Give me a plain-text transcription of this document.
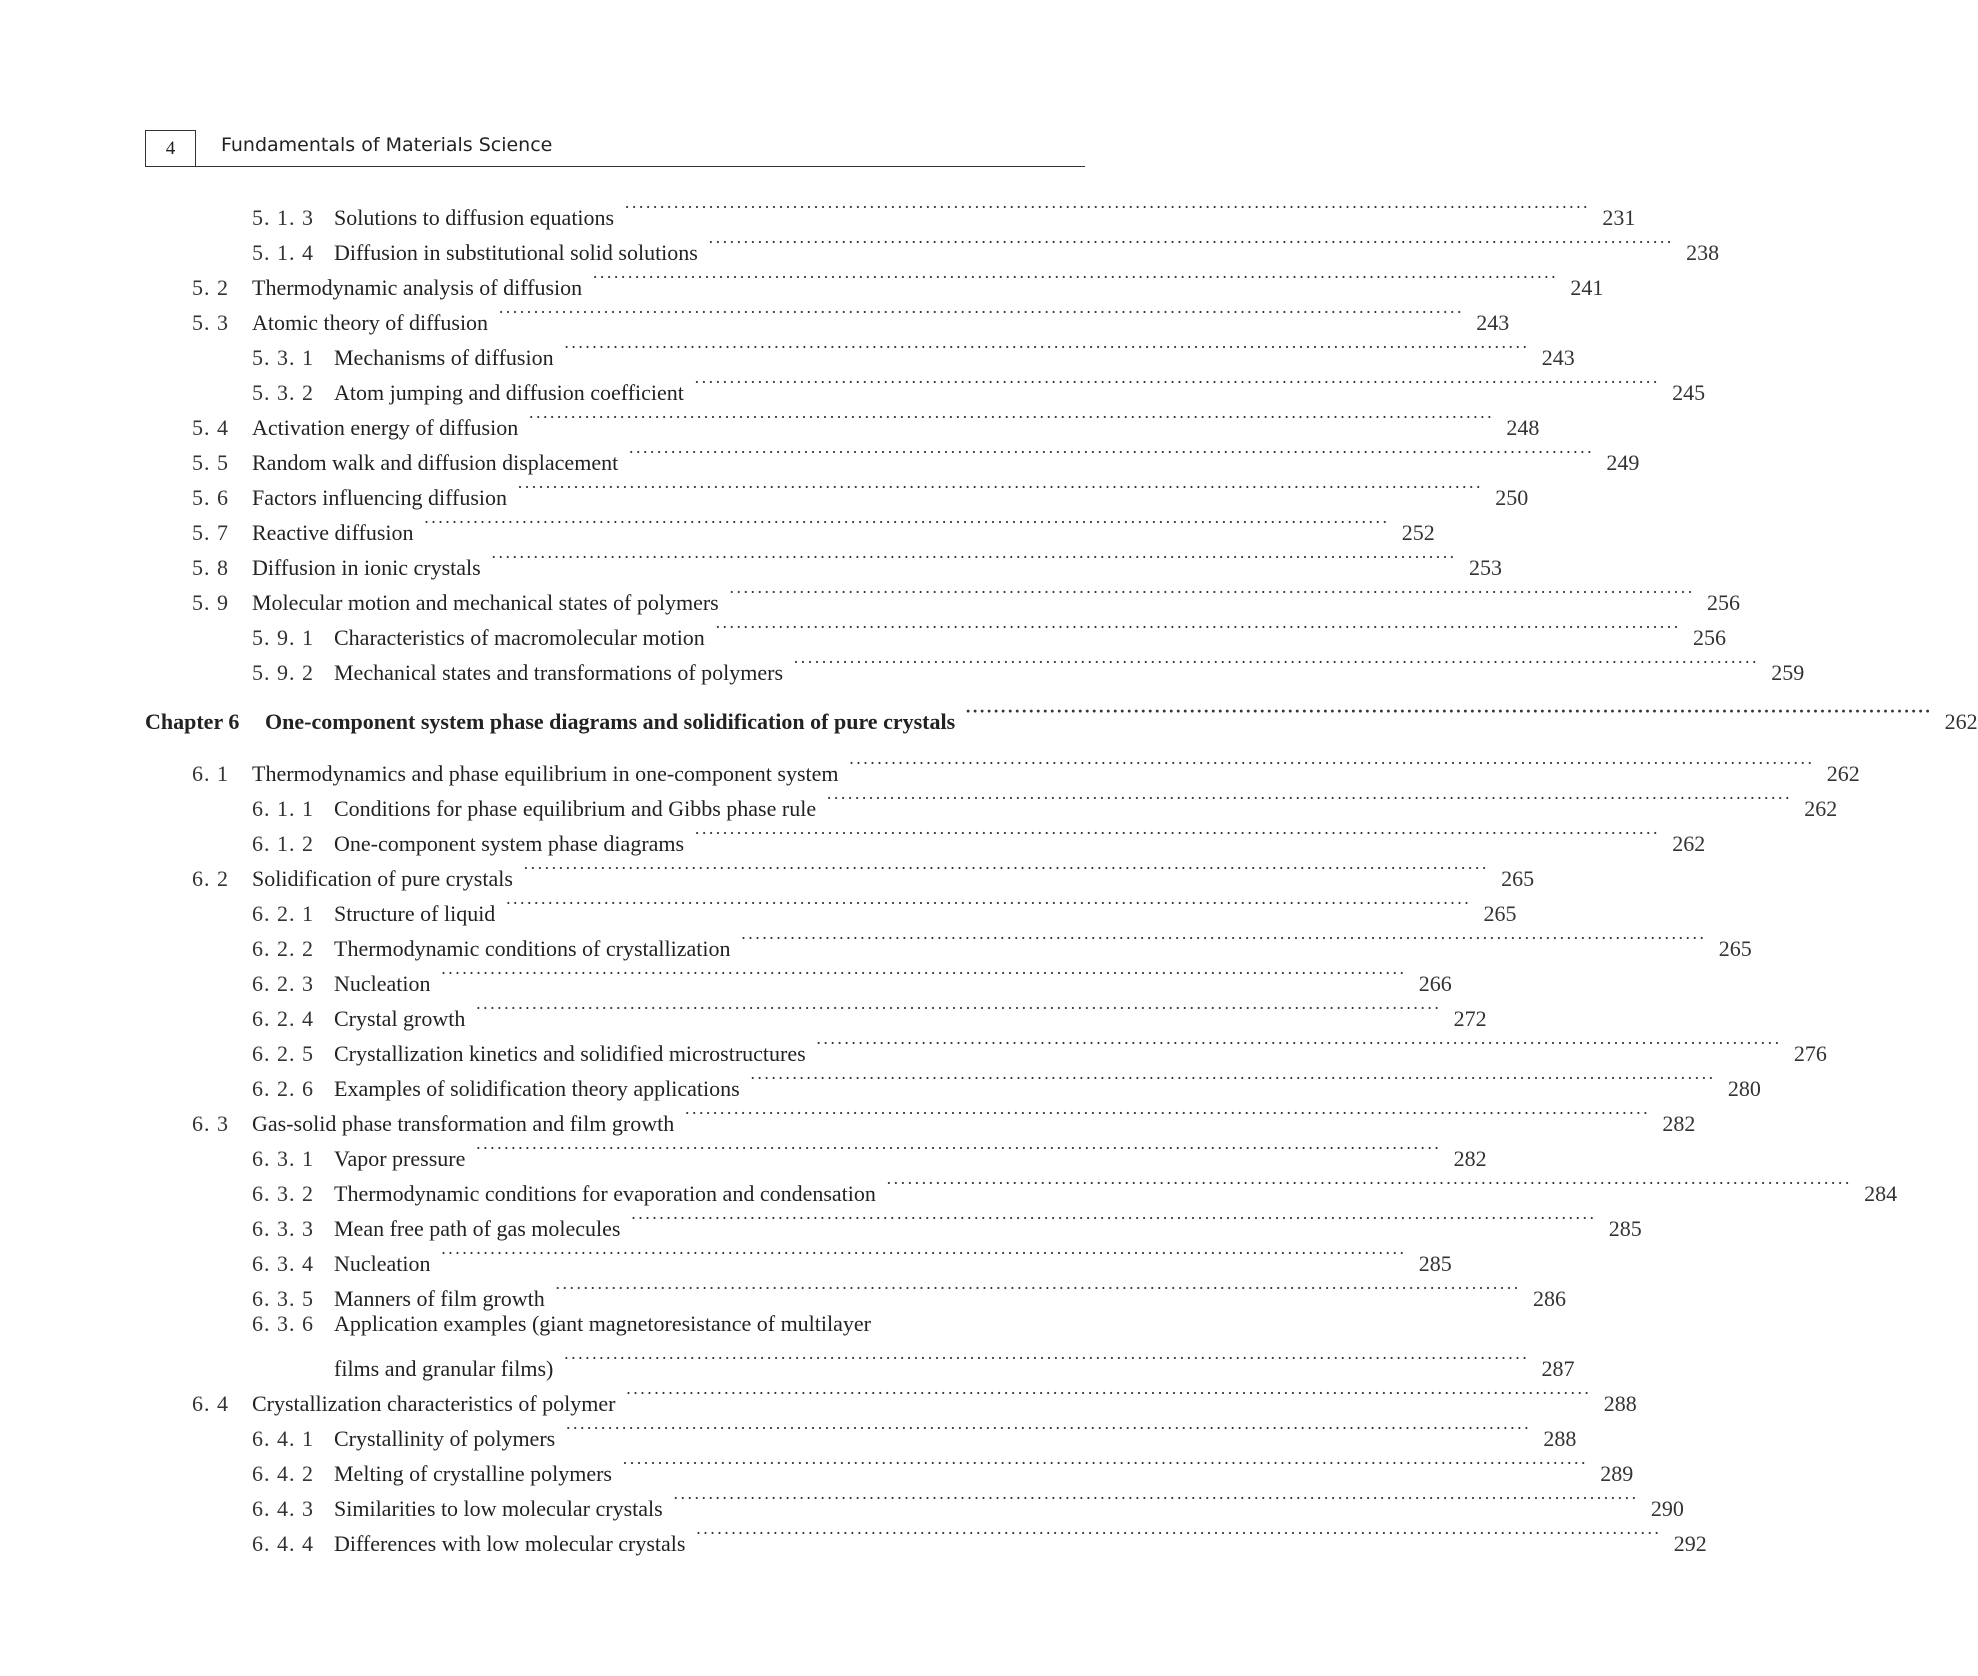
4	Fundamentals of Materials Science
5. 1. 3 Solutions to diffusion equations ·····	231
5. 1. 4 Diffusion in substitutional solid solutions ·····	238
5. 2	Thermodynamic analysis of diffusion ·····	241
5. 3	Atomic theory of diffusion ·····	243
5. 3. 1 Mechanisms of diffusion ·····	243
5. 3. 2 Atom jumping and diffusion coefficient ·····	245
5. 4	Activation energy of diffusion ·····	248
5. 5	Random walk and diffusion displacement ·····	249
5. 6	Factors influencing diffusion ·····	250
5. 7	Reactive diffusion ·····	252
5. 8	Diffusion in ionic crystals ·····	253
5. 9	Molecular motion and mechanical states of polymers ·····	256
5. 9. 1 Characteristics of macromolecular motion ·····	256
5. 9. 2 Mechanical states and transformations of polymers ·····	259
Chapter 6	One-component system phase diagrams and solidification of pure crystals ·····	262
6. 1	Thermodynamics and phase equilibrium in one-component system ·····	262
6. 1. 1 Conditions for phase equilibrium and Gibbs phase rule ·····	262
6. 1. 2 One-component system phase diagrams ·····	262
6. 2	Solidification of pure crystals ·····	265
6. 2. 1 Structure of liquid ·····	265
6. 2. 2 Thermodynamic conditions of crystallization ·····	265
6. 2. 3 Nucleation ·····	266
6. 2. 4 Crystal growth ·····	272
6. 2. 5 Crystallization kinetics and solidified microstructures ·····	276
6. 2. 6 Examples of solidification theory applications ·····	280
6. 3	Gas-solid phase transformation and film growth ·····	282
6. 3. 1 Vapor pressure ·····	282
6. 3. 2 Thermodynamic conditions for evaporation and condensation ·····	284
6. 3. 3 Mean free path of gas molecules ·····	285
6. 3. 4 Nucleation ·····	285
6. 3. 5 Manners of film growth ·····	286
6. 3. 6 Application examples (giant magnetoresistance of multilayer
films and granular films) ·····	287
6. 4	Crystallization characteristics of polymer ·····	288
6. 4. 1 Crystallinity of polymers ·····	288
6. 4. 2 Melting of crystalline polymers ·····	289
6. 4. 3 Similarities to low molecular crystals ·····	290
6. 4. 4 Differences with low molecular crystals ·····	292
